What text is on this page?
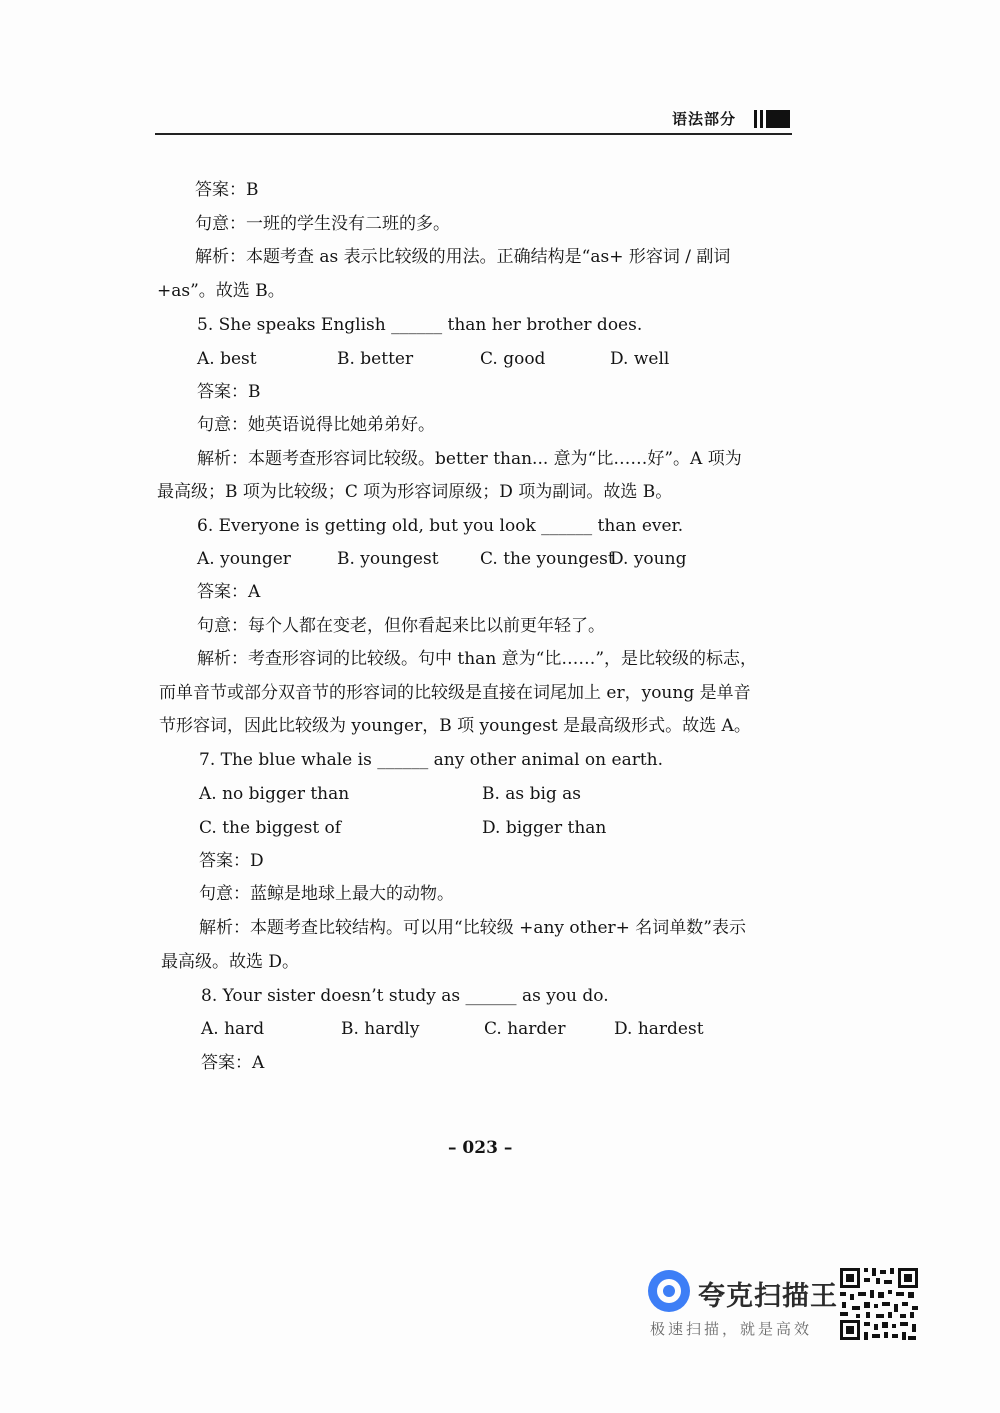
语法部分
答案：B
句意：一班的学生没有二班的多。
解析：本题考查 as 表示比较级的用法。正确结构是“as+ 形容词 / 副词
+as”。故选 B。
5. She speaks English ______ than her brother does.
A. best	B. better	C. good	D. well
答案：B
句意：她英语说得比她弟弟好。
解析：本题考查形容词比较级。better than... 意为“比……好”。A 项为
最高级；B 项为比较级；C 项为形容词原级；D 项为副词。故选 B。
6. Everyone is getting old, but you look ______ than ever.
A. younger	B. youngest C. the youngest
D. young
答案：A
句意：每个人都在变老，但你看起来比以前更年轻了。
解析：考查形容词的比较级。句中 than 意为“比……”，是比较级的标志，
而单音节或部分双音节的形容词的比较级是直接在词尾加上 er，young 是单音
节形容词，因此比较级为 younger，B 项 youngest 是最高级形式。故选 A。
7. The blue whale is ______ any other animal on earth.
A. no bigger than	B. as big as
C. the biggest of	D. bigger than
答案：D
句意：蓝鲸是地球上最大的动物。
解析：本题考查比较结构。可以用“比较级 +any other+ 名词单数”表示
最高级。故选 D。
8. Your sister doesn’t study as ______ as you do.
A. hard	B. hardly	C. harder	D. hardest
答案：A
– 023 –
夸克扫描王
极速扫描，就是高效
